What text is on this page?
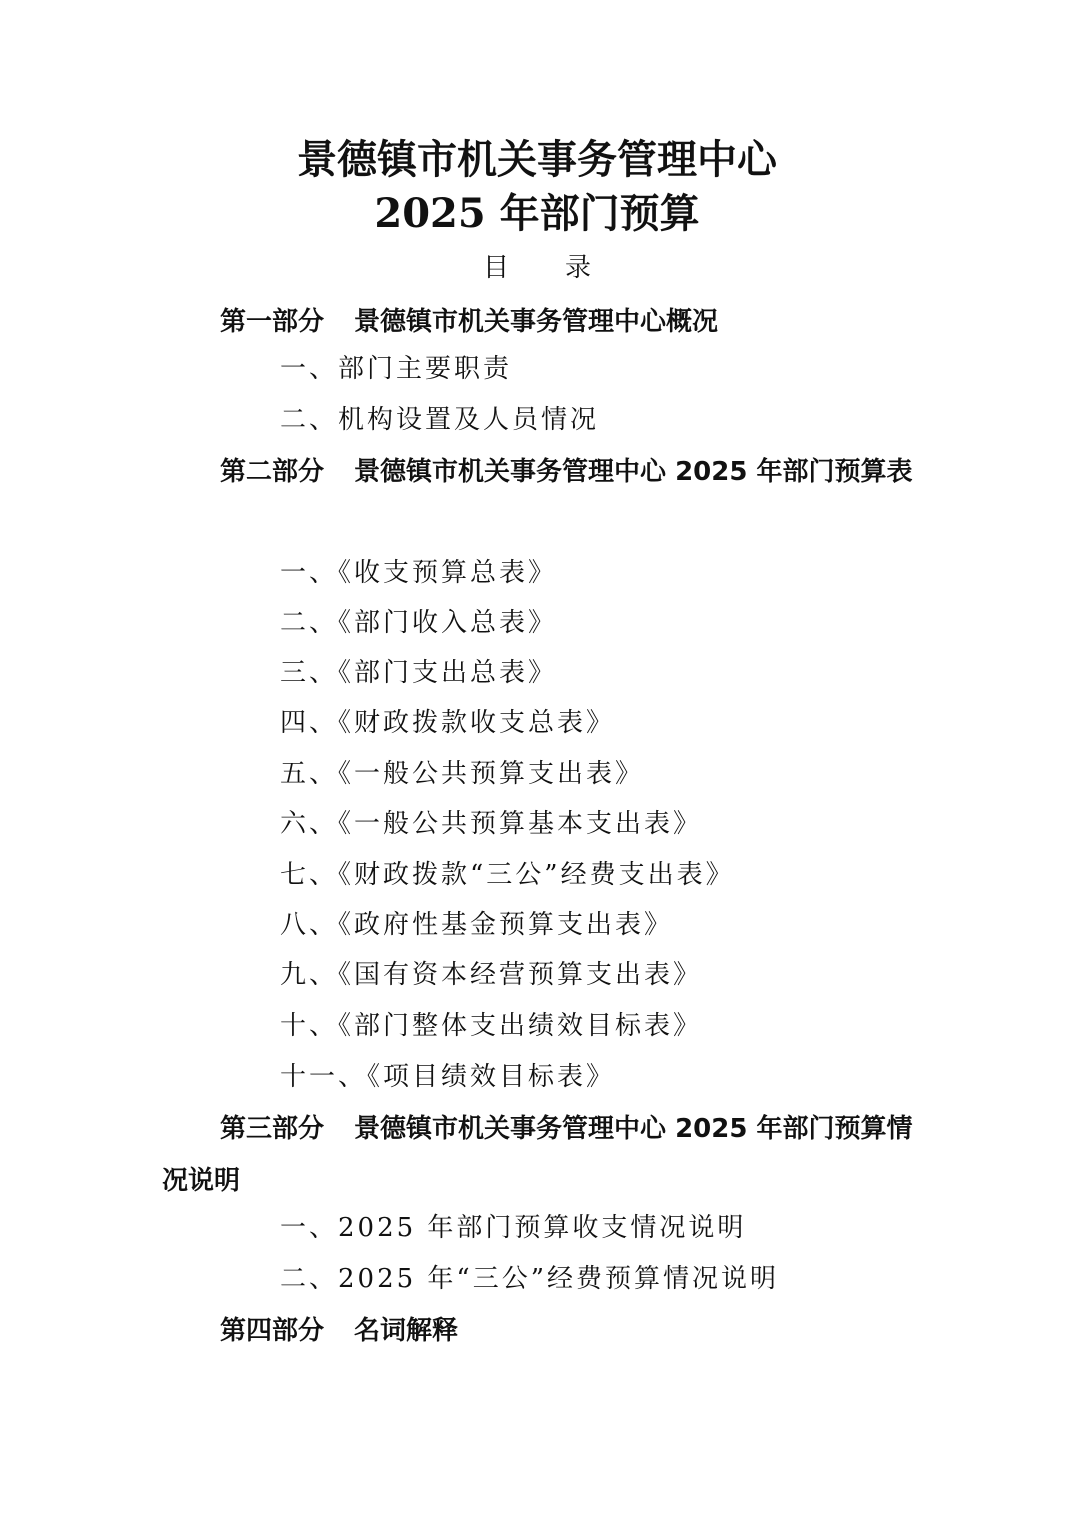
景德镇市机关事务管理中心
2025 年部门预算
目录
第一部分 景德镇市机关事务管理中心概况
一、部门主要职责
二、机构设置及人员情况
第二部分 景德镇市机关事务管理中心 2025 年部门预算表
一、《收支预算总表》
二、《部门收入总表》
三、《部门支出总表》
四、《财政拨款收支总表》
五、《一般公共预算支出表》
六、《一般公共预算基本支出表》
七、《财政拨款“三公”经费支出表》
八、《政府性基金预算支出表》
九、《国有资本经营预算支出表》
十、《部门整体支出绩效目标表》
十一、《项目绩效目标表》
第三部分 景德镇市机关事务管理中心 2025 年部门预算情况说明
一、2025 年部门预算收支情况说明
二、2025 年“三公”经费预算情况说明
第四部分 名词解释
